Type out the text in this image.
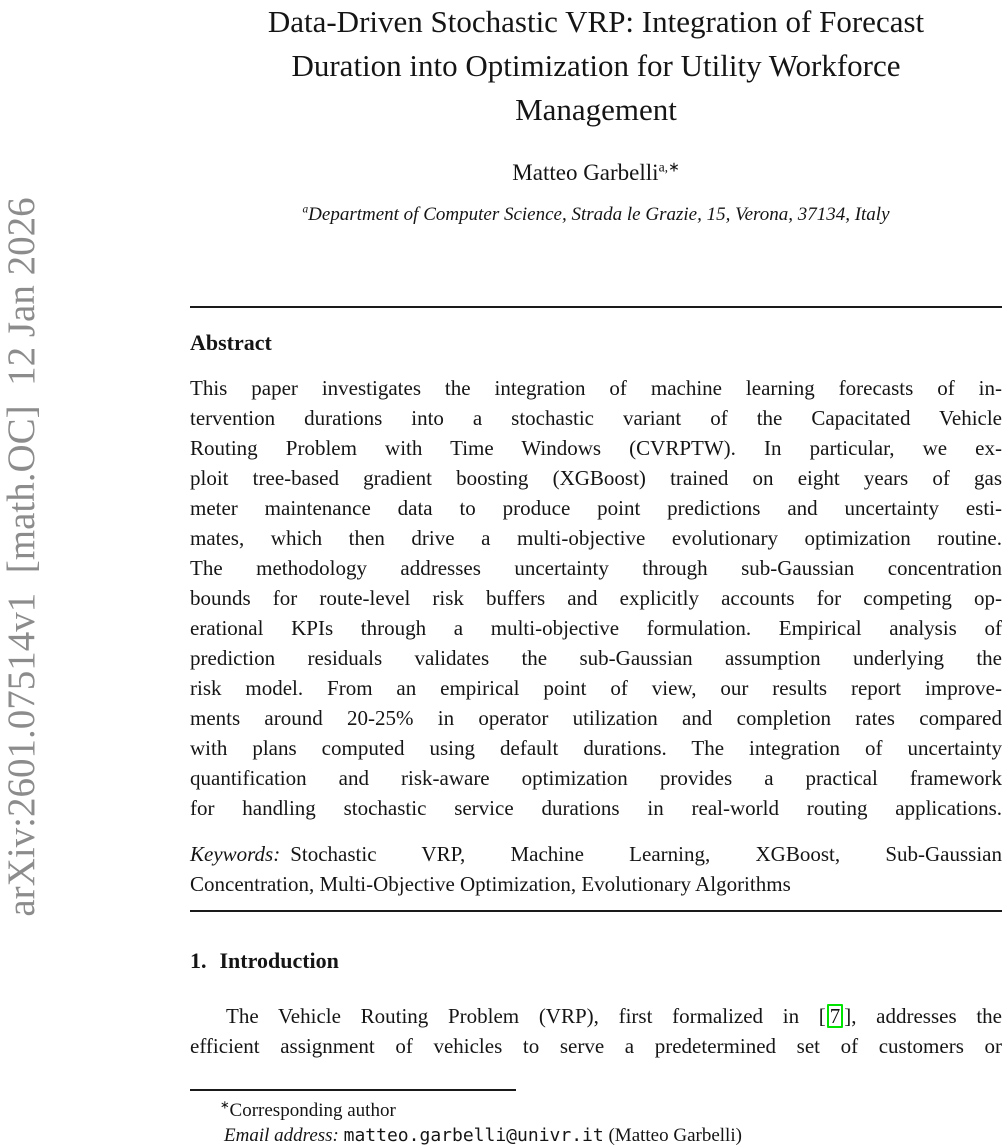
arXiv:2601.07514v1  [math.OC]  12 Jan 2026
Data-Driven Stochastic VRP: Integration of Forecast
Duration into Optimization for Utility Workforce
Management
Matteo Garbelli$^{a,∗}$
$^a$Department of Computer Science, Strada le Grazie, 15, Verona, 37134, Italy
Abstract
This paper investigates the integration of machine learning forecasts of in-
tervention durations into a stochastic variant of the Capacitated Vehicle
Routing Problem with Time Windows (CVRPTW). In particular, we ex-
ploit tree-based gradient boosting (XGBoost) trained on eight years of gas
meter maintenance data to produce point predictions and uncertainty esti-
mates, which then drive a multi-objective evolutionary optimization routine.
The methodology addresses uncertainty through sub-Gaussian concentration
bounds for route-level risk buffers and explicitly accounts for competing op-
erational KPIs through a multi-objective formulation. Empirical analysis of
prediction residuals validates the sub-Gaussian assumption underlying the
risk model. From an empirical point of view, our results report improve-
ments around 20-25% in operator utilization and completion rates compared
with plans computed using default durations. The integration of uncertainty
quantification and risk-aware optimization provides a practical framework
for handling stochastic service durations in real-world routing applications.
Keywords: Stochastic VRP, Machine Learning, XGBoost, Sub-Gaussian
Concentration, Multi-Objective Optimization, Evolutionary Algorithms
1. Introduction
The Vehicle Routing Problem (VRP), first formalized in [ 7 ], addresses the
efficient assignment of vehicles to serve a predetermined set of customers or
∗Corresponding author
Email address: matteo.garbelli@univr.it (Matteo Garbelli)
